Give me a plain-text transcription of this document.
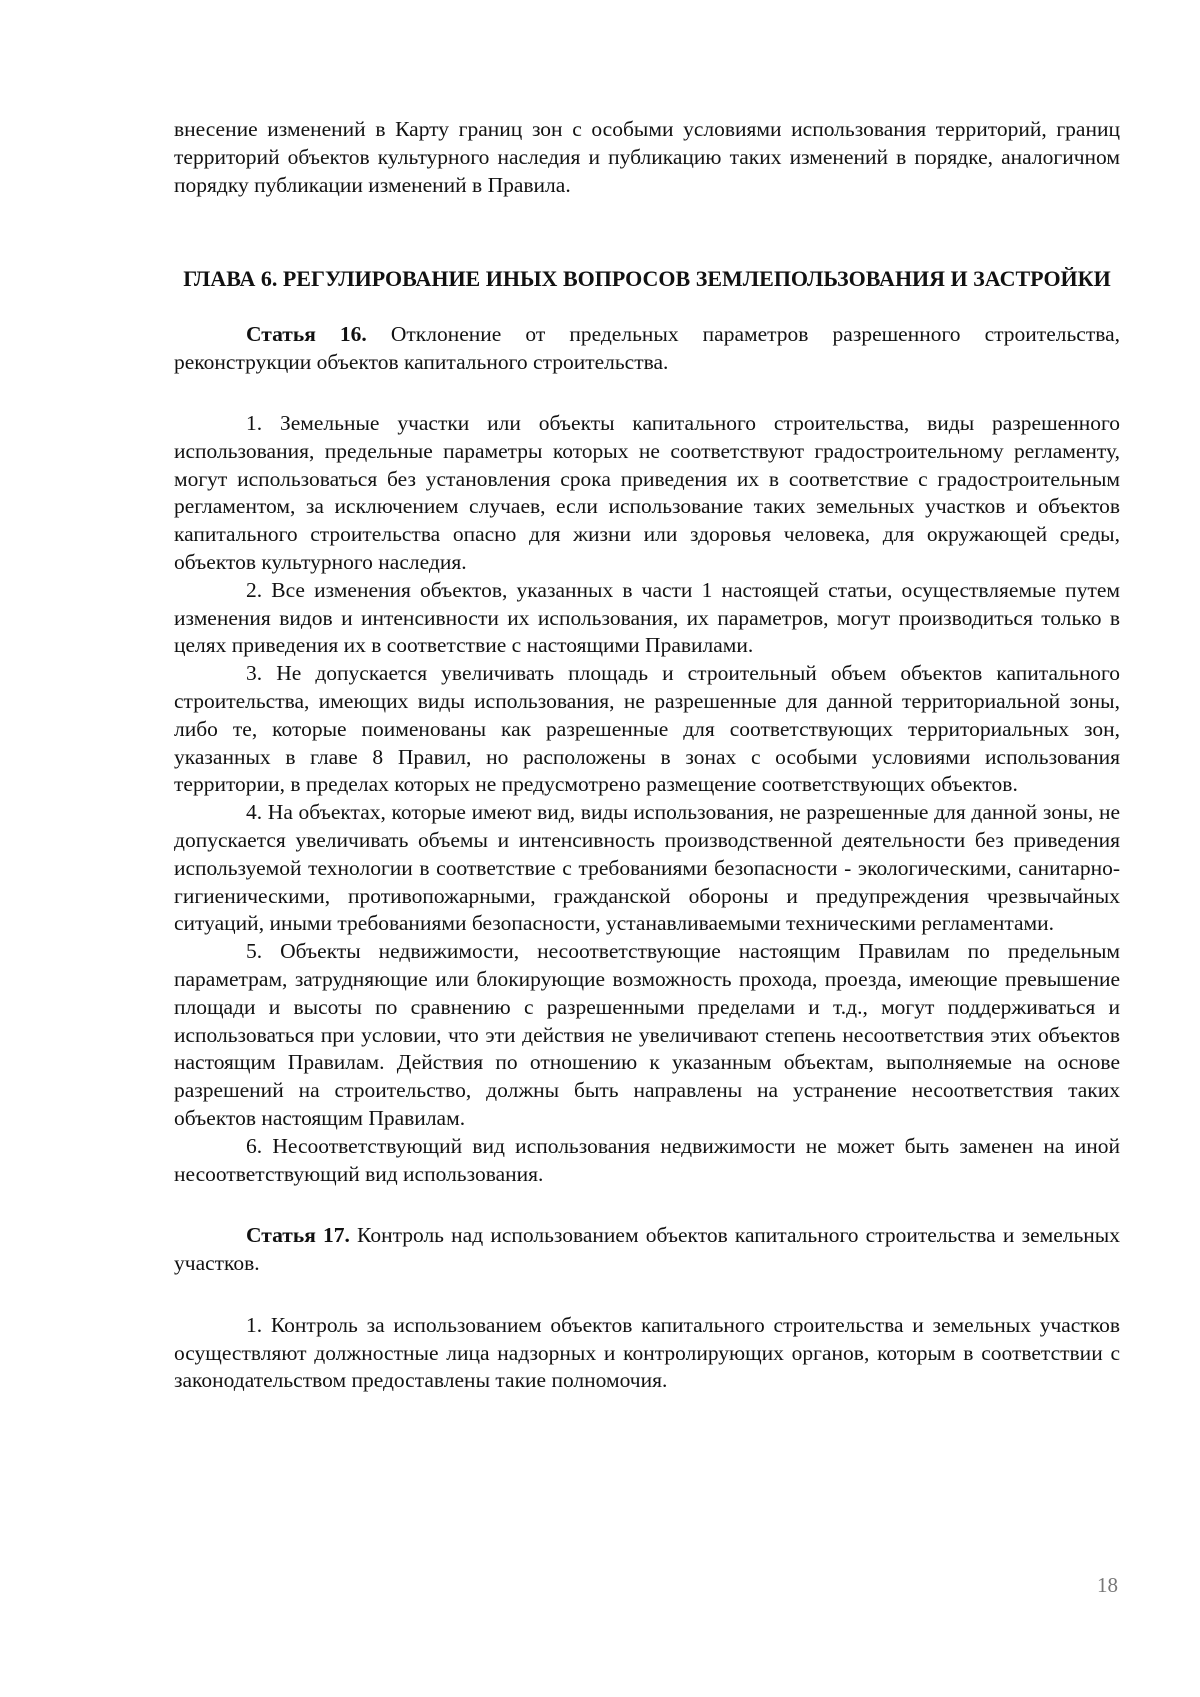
внесение изменений в Карту границ зон с особыми условиями использования территорий, границ территорий объектов культурного наследия и публикацию таких изменений в порядке, аналогичном порядку публикации изменений в Правила.

ГЛАВА 6. РЕГУЛИРОВАНИЕ ИНЫХ ВОПРОСОВ ЗЕМЛЕПОЛЬЗОВАНИЯ И ЗАСТРОЙКИ

Статья 16. Отклонение от предельных параметров разрешенного строительства, реконструкции объектов капитального строительства.

1. Земельные участки или объекты капитального строительства, виды разрешенного использования, предельные параметры которых не соответствуют градостроительному регламенту, могут использоваться без установления срока приведения их в соответствие с градостроительным регламентом, за исключением случаев, если использование таких земельных участков и объектов капитального строительства опасно для жизни или здоровья человека, для окружающей среды, объектов культурного наследия.

2. Все изменения объектов, указанных в части 1 настоящей статьи, осуществляемые путем изменения видов и интенсивности их использования, их параметров, могут производиться только в целях приведения их в соответствие с настоящими Правилами.

3. Не допускается увеличивать площадь и строительный объем объектов капитального строительства, имеющих виды использования, не разрешенные для данной территориальной зоны, либо те, которые поименованы как разрешенные для соответствующих территориальных зон, указанных в главе 8 Правил, но расположены в зонах с особыми условиями использования территории, в пределах которых не предусмотрено размещение соответствующих объектов.

4. На объектах, которые имеют вид, виды использования, не разрешенные для данной зоны, не допускается увеличивать объемы и интенсивность производственной деятельности без приведения используемой технологии в соответствие с требованиями безопасности - экологическими, санитарно-гигиеническими, противопожарными, гражданской обороны и предупреждения чрезвычайных ситуаций, иными требованиями безопасности, устанавливаемыми техническими регламентами.

5. Объекты недвижимости, несоответствующие настоящим Правилам по предельным параметрам, затрудняющие или блокирующие возможность прохода, проезда, имеющие превышение площади и высоты по сравнению с разрешенными пределами и т.д., могут поддерживаться и использоваться при условии, что эти действия не увеличивают степень несоответствия этих объектов настоящим Правилам. Действия по отношению к указанным объектам, выполняемые на основе разрешений на строительство, должны быть направлены на устранение несоответствия таких объектов настоящим Правилам.

6. Несоответствующий вид использования недвижимости не может быть заменен на иной несоответствующий вид использования.

Статья 17. Контроль над использованием объектов капитального строительства и земельных участков.

1. Контроль за использованием объектов капитального строительства и земельных участков осуществляют должностные лица надзорных и контролирующих органов, которым в соответствии с законодательством предоставлены такие полномочия.

18
